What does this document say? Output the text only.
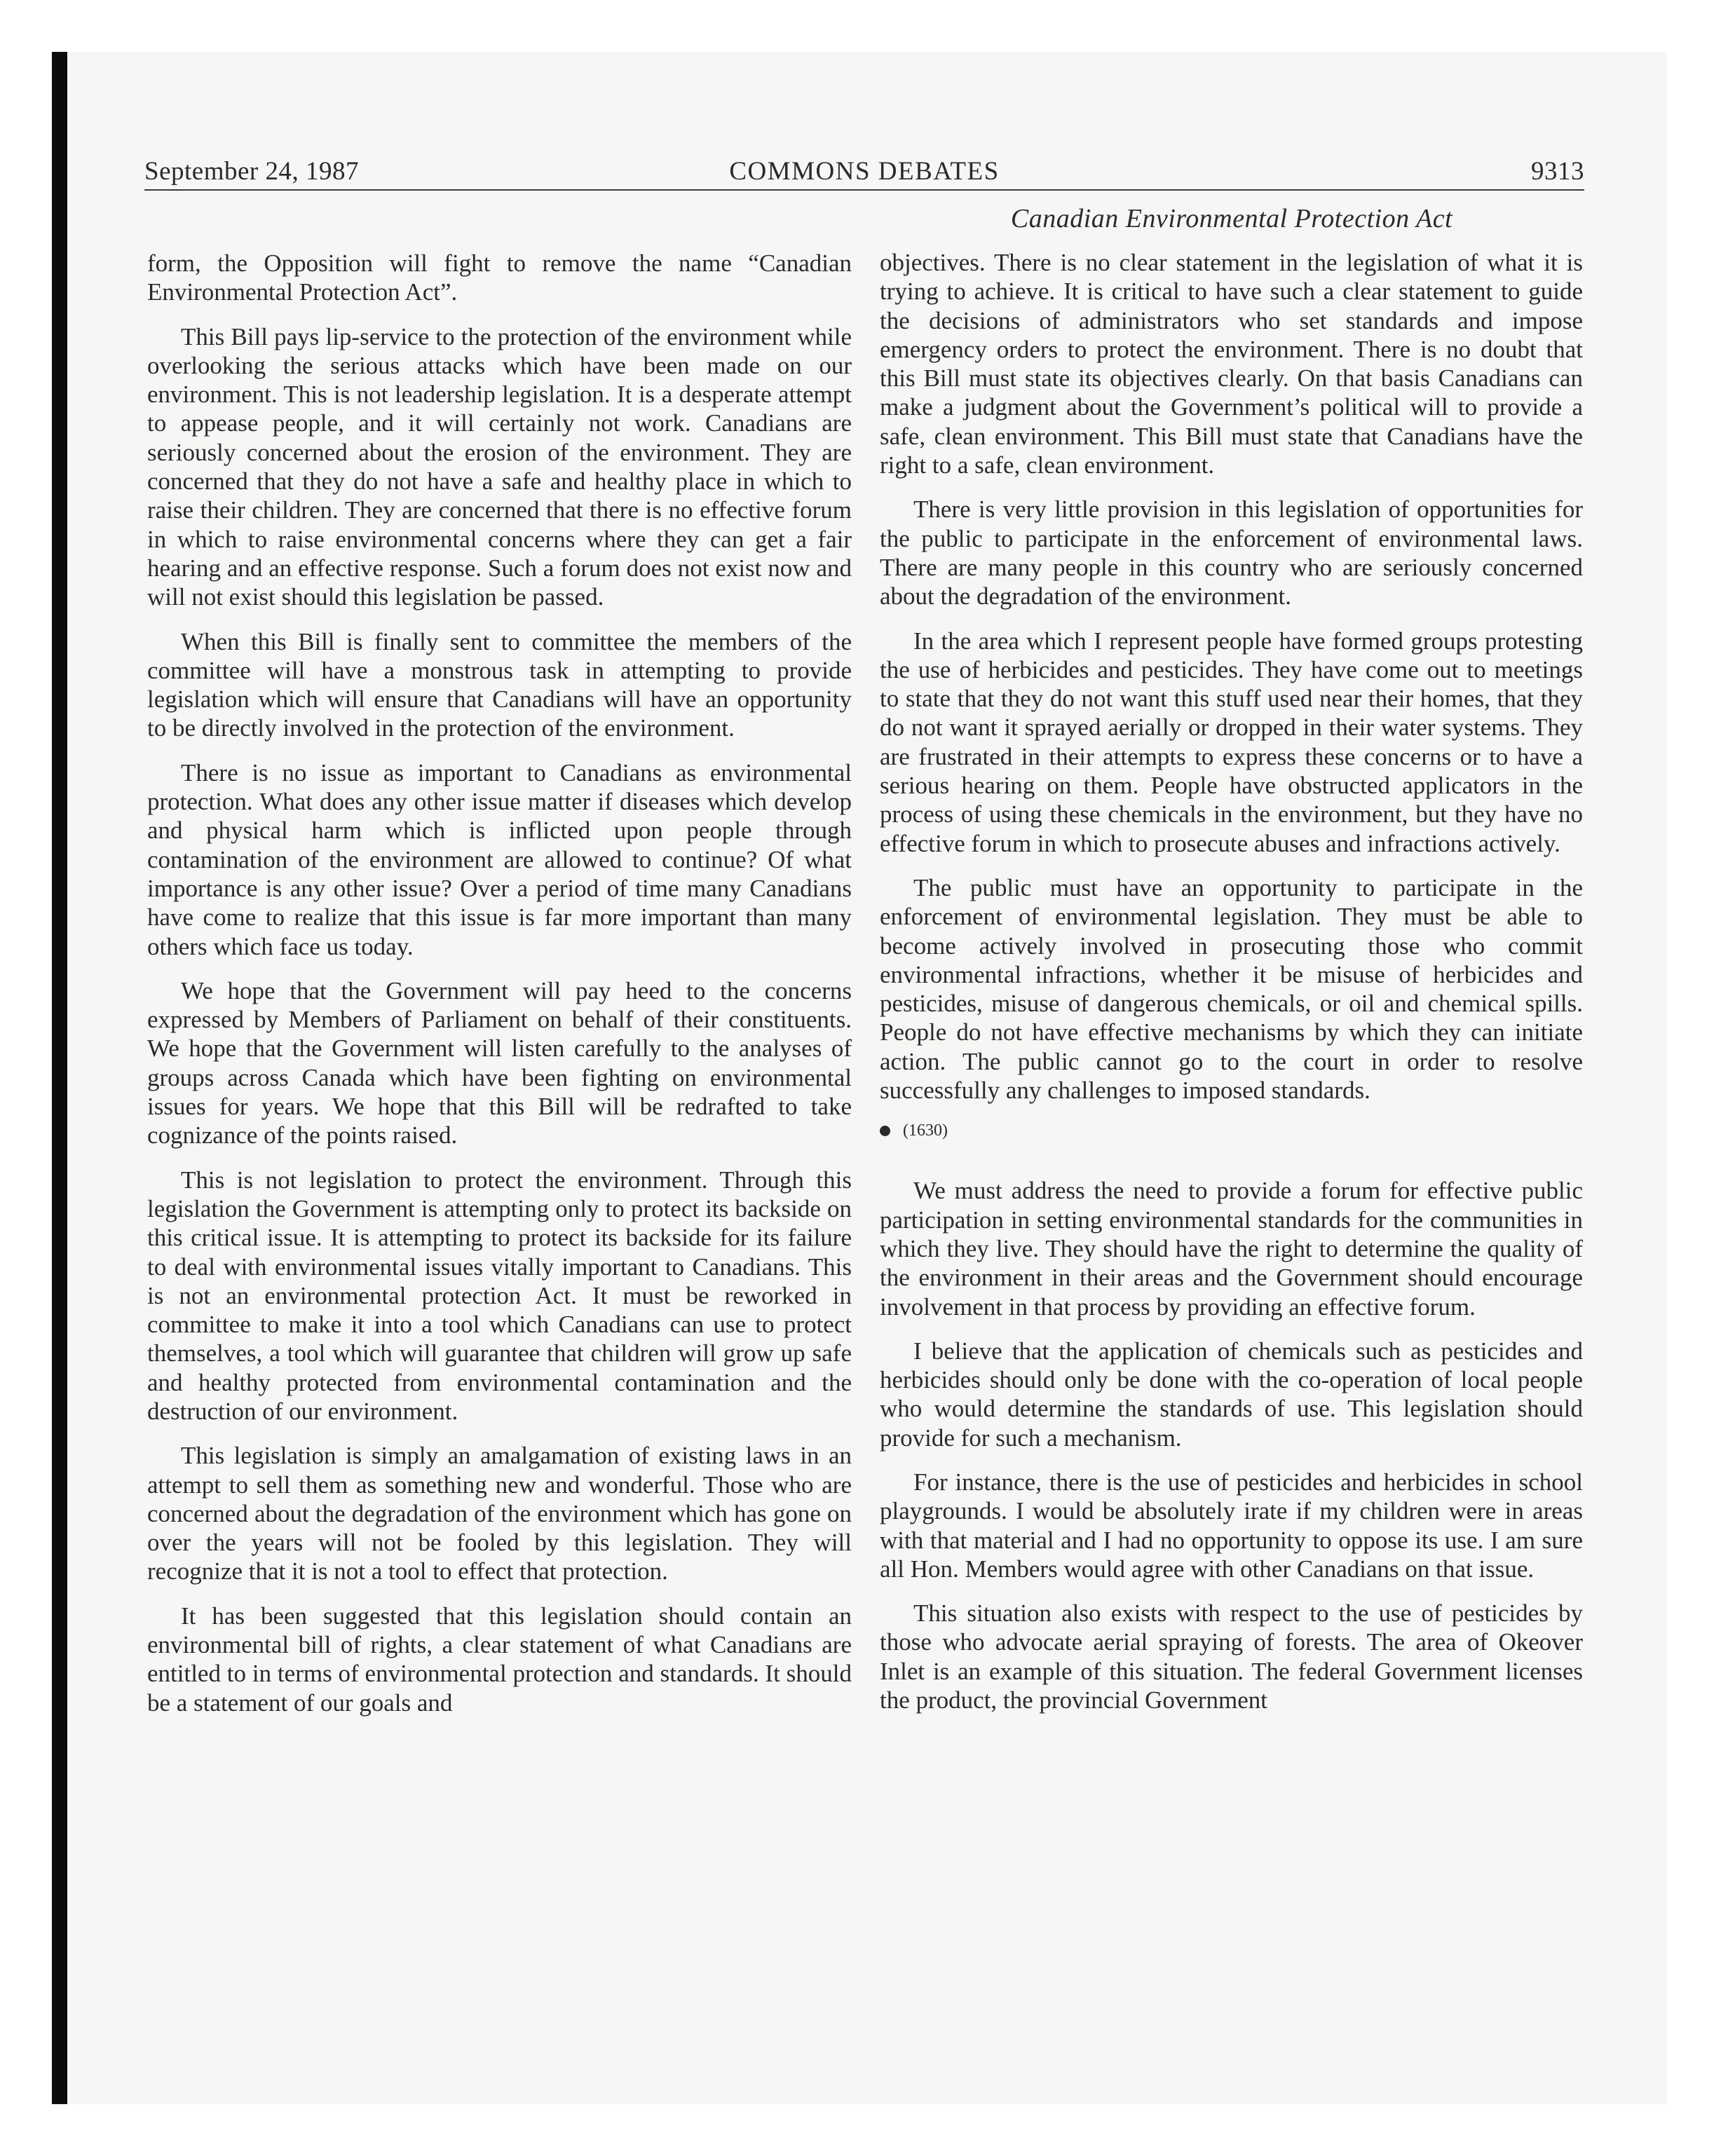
September 24, 1987	COMMONS DEBATES	9313
Canadian Environmental Protection Act

form, the Opposition will fight to remove the name “Canadian Environmental Protection Act”.

This Bill pays lip-service to the protection of the environment while overlooking the serious attacks which have been made on our environment. This is not leadership legislation. It is a desperate attempt to appease people, and it will certainly not work. Canadians are seriously concerned about the erosion of the environment. They are concerned that they do not have a safe and healthy place in which to raise their children. They are concerned that there is no effective forum in which to raise environmental concerns where they can get a fair hearing and an effective response. Such a forum does not exist now and will not exist should this legislation be passed.

When this Bill is finally sent to committee the members of the committee will have a monstrous task in attempting to provide legislation which will ensure that Canadians will have an opportunity to be directly involved in the protection of the environment.

There is no issue as important to Canadians as environmental protection. What does any other issue matter if diseases which develop and physical harm which is inflicted upon people through contamination of the environment are allowed to continue? Of what importance is any other issue? Over a period of time many Canadians have come to realize that this issue is far more important than many others which face us today.

We hope that the Government will pay heed to the concerns expressed by Members of Parliament on behalf of their constituents. We hope that the Government will listen carefully to the analyses of groups across Canada which have been fighting on environmental issues for years. We hope that this Bill will be redrafted to take cognizance of the points raised.

This is not legislation to protect the environment. Through this legislation the Government is attempting only to protect its backside on this critical issue. It is attempting to protect its backside for its failure to deal with environmental issues vitally important to Canadians. This is not an environmental protection Act. It must be reworked in committee to make it into a tool which Canadians can use to protect themselves, a tool which will guarantee that children will grow up safe and healthy protected from environmental contamination and the destruction of our environment.

This legislation is simply an amalgamation of existing laws in an attempt to sell them as something new and wonderful. Those who are concerned about the degradation of the environment which has gone on over the years will not be fooled by this legislation. They will recognize that it is not a tool to effect that protection.

It has been suggested that this legislation should contain an environmental bill of rights, a clear statement of what Canadians are entitled to in terms of environmental protection and standards. It should be a statement of our goals and

objectives. There is no clear statement in the legislation of what it is trying to achieve. It is critical to have such a clear statement to guide the decisions of administrators who set standards and impose emergency orders to protect the environment. There is no doubt that this Bill must state its objectives clearly. On that basis Canadians can make a judgment about the Government’s political will to provide a safe, clean environment. This Bill must state that Canadians have the right to a safe, clean environment.

There is very little provision in this legislation of opportunities for the public to participate in the enforcement of environmental laws. There are many people in this country who are seriously concerned about the degradation of the environment.

In the area which I represent people have formed groups protesting the use of herbicides and pesticides. They have come out to meetings to state that they do not want this stuff used near their homes, that they do not want it sprayed aerially or dropped in their water systems. They are frustrated in their attempts to express these concerns or to have a serious hearing on them. People have obstructed applicators in the process of using these chemicals in the environment, but they have no effective forum in which to prosecute abuses and infractions actively.

The public must have an opportunity to participate in the enforcement of environmental legislation. They must be able to become actively involved in prosecuting those who commit environmental infractions, whether it be misuse of herbicides and pesticides, misuse of dangerous chemicals, or oil and chemical spills. People do not have effective mechanisms by which they can initiate action. The public cannot go to the court in order to resolve successfully any challenges to imposed standards.

(1630)

We must address the need to provide a forum for effective public participation in setting environmental standards for the communities in which they live. They should have the right to determine the quality of the environment in their areas and the Government should encourage involvement in that process by providing an effective forum.

I believe that the application of chemicals such as pesticides and herbicides should only be done with the co-operation of local people who would determine the standards of use. This legislation should provide for such a mechanism.

For instance, there is the use of pesticides and herbicides in school playgrounds. I would be absolutely irate if my children were in areas with that material and I had no opportunity to oppose its use. I am sure all Hon. Members would agree with other Canadians on that issue.

This situation also exists with respect to the use of pesticides by those who advocate aerial spraying of forests. The area of Okeover Inlet is an example of this situation. The federal Government licenses the product, the provincial Government
